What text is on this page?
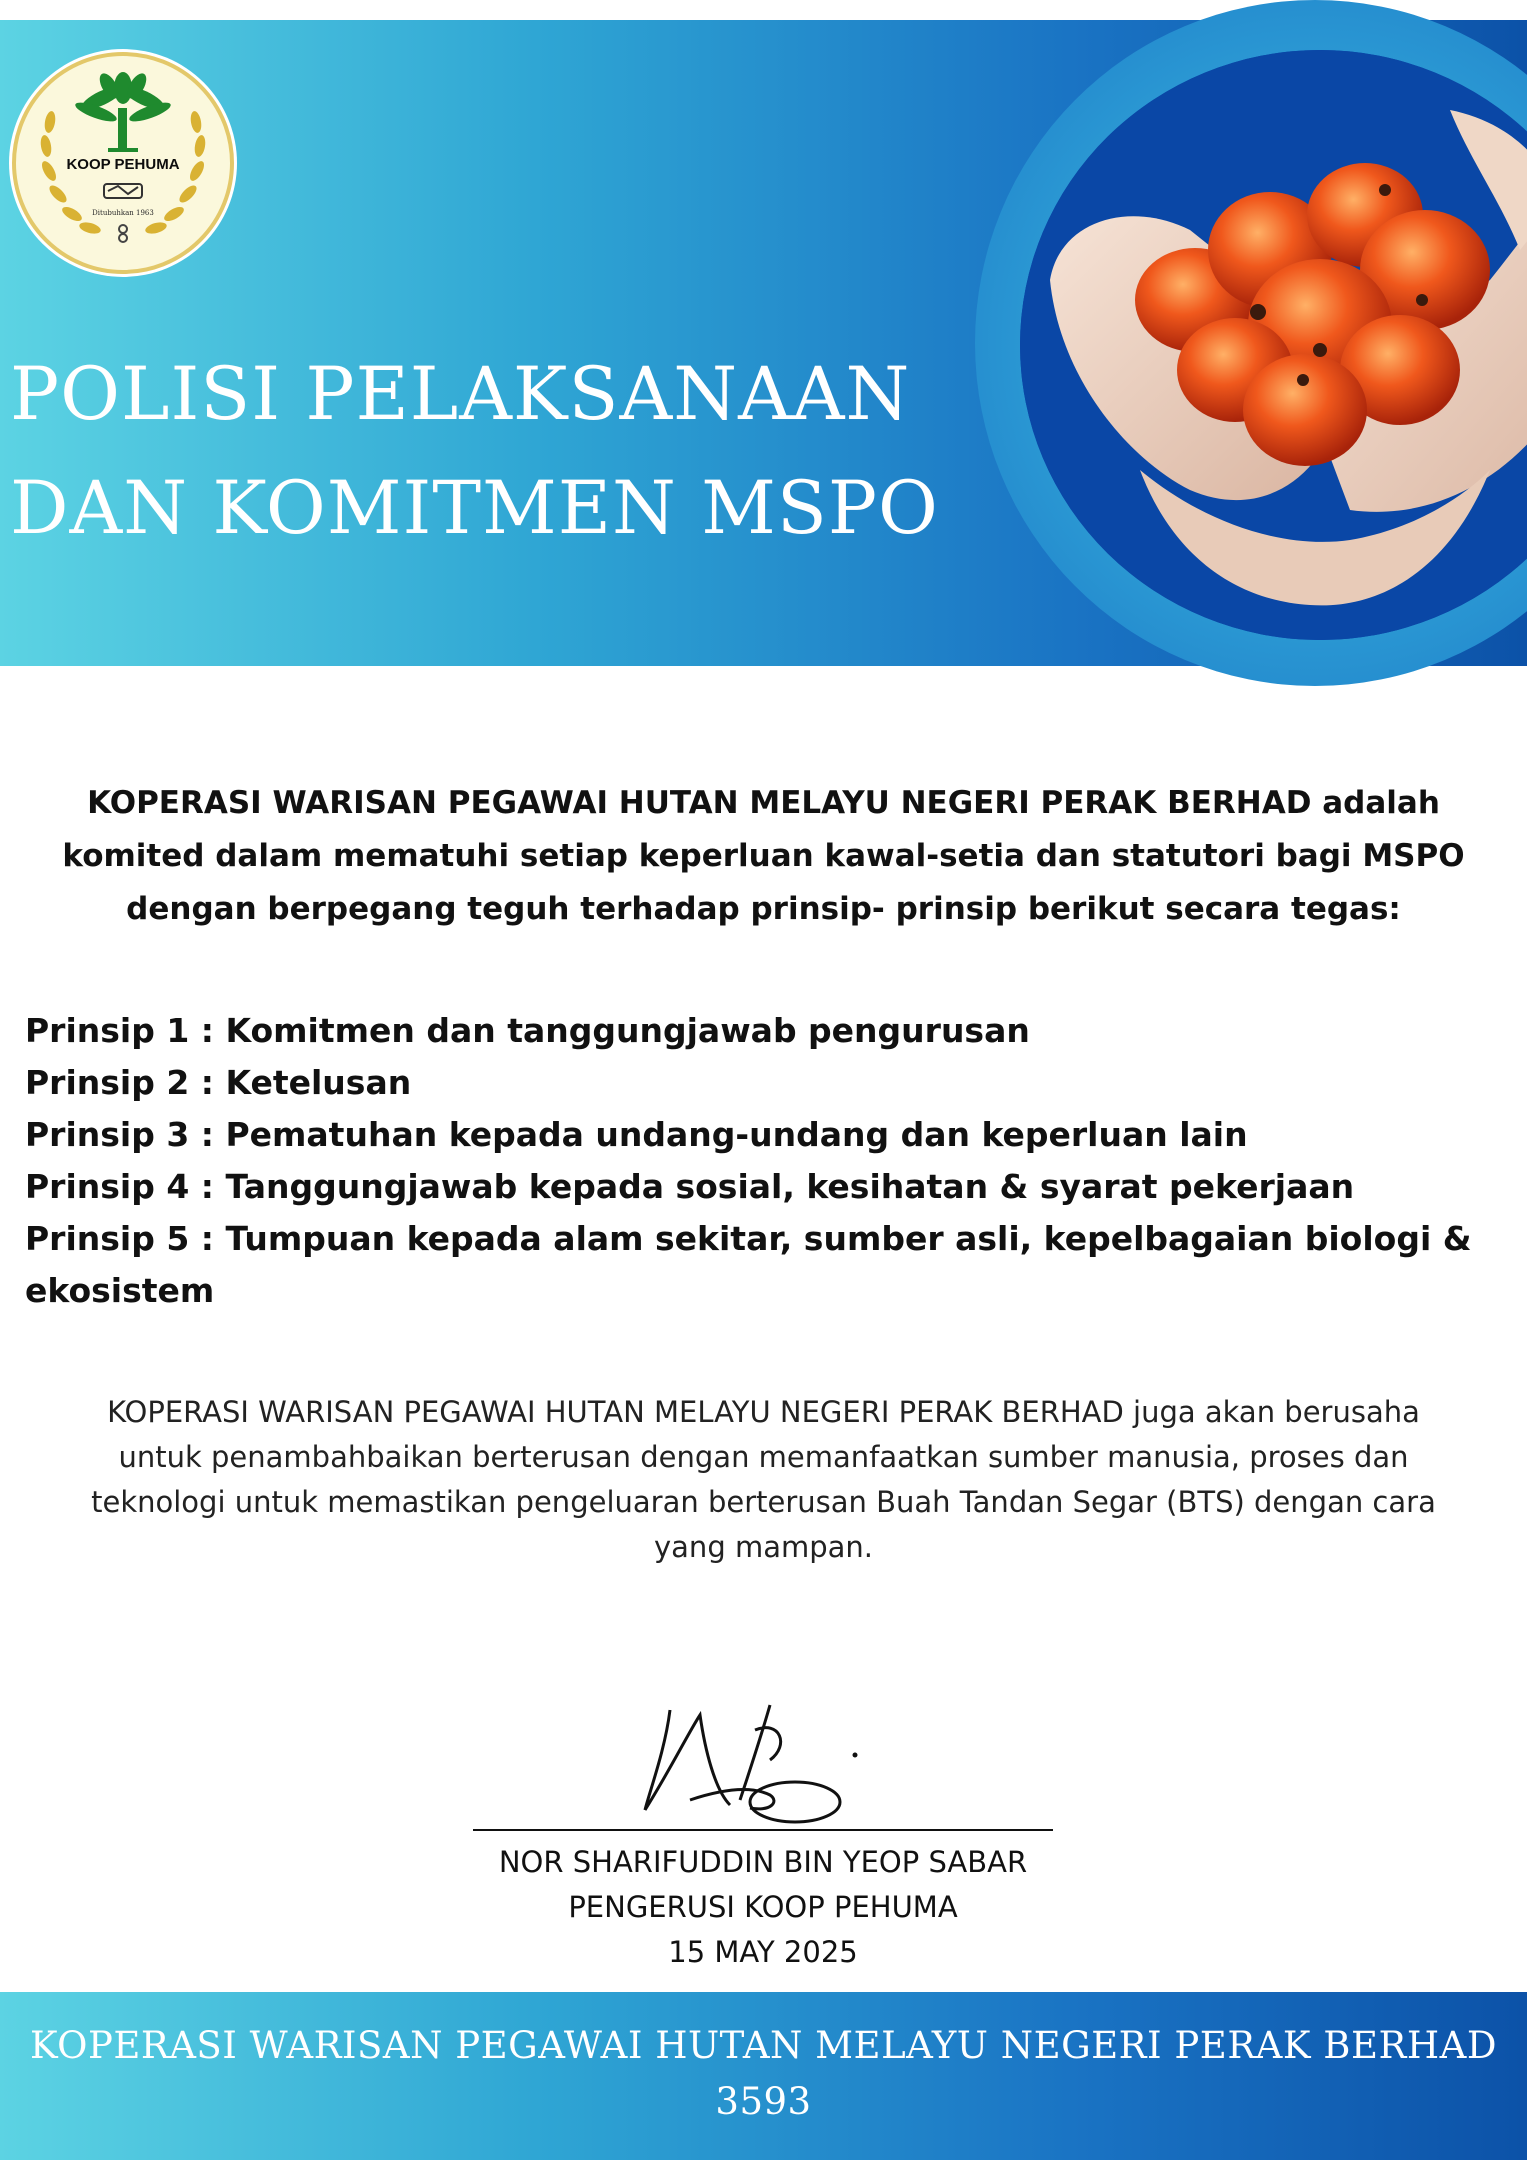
KOOP PEHUMA
Ditubuhkan 1963
POLISI PELAKSANAAN
DAN KOMITMEN MSPO
KOPERASI WARISAN PEGAWAI HUTAN MELAYU NEGERI PERAK BERHAD adalah
komited dalam mematuhi setiap keperluan kawal-setia dan statutori bagi MSPO
dengan berpegang teguh terhadap prinsip- prinsip berikut secara tegas:
Prinsip 1 : Komitmen dan tanggungjawab pengurusan
Prinsip 2 : Ketelusan
Prinsip 3 : Pematuhan kepada undang-undang dan keperluan lain
Prinsip 4 : Tanggungjawab kepada sosial, kesihatan & syarat pekerjaan
Prinsip 5 : Tumpuan kepada alam sekitar, sumber asli, kepelbagaian biologi & ekosistem
KOPERASI WARISAN PEGAWAI HUTAN MELAYU NEGERI PERAK BERHAD juga akan berusaha
untuk penambahbaikan berterusan dengan memanfaatkan sumber manusia, proses dan
teknologi untuk memastikan pengeluaran berterusan Buah Tandan Segar (BTS) dengan cara
yang mampan.
NOR SHARIFUDDIN BIN YEOP SABAR
PENGERUSI KOOP PEHUMA
15 MAY 2025
KOPERASI WARISAN PEGAWAI HUTAN MELAYU NEGERI PERAK BERHAD
3593
